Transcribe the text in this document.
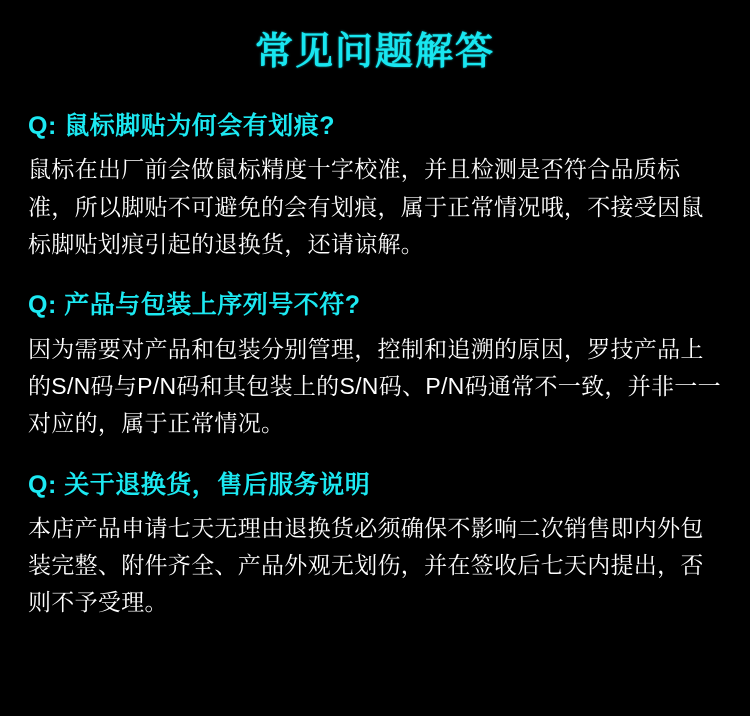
常见问题解答
Q: 鼠标脚贴为何会有划痕?
鼠标在出厂前会做鼠标精度十字校准，并且检测是否符合品质标准，所以脚贴不可避免的会有划痕，属于正常情况哦，不接受因鼠标脚贴划痕引起的退换货，还请谅解。
Q: 产品与包装上序列号不符?
因为需要对产品和包装分别管理，控制和追溯的原因，罗技产品上的S/N码与P/N码和其包装上的S/N码、P/N码通常不一致，并非一一对应的，属于正常情况。
Q: 关于退换货，售后服务说明
本店产品申请七天无理由退换货必须确保不影响二次销售即内外包装完整、附件齐全、产品外观无划伤，并在签收后七天内提出，否则不予受理。
